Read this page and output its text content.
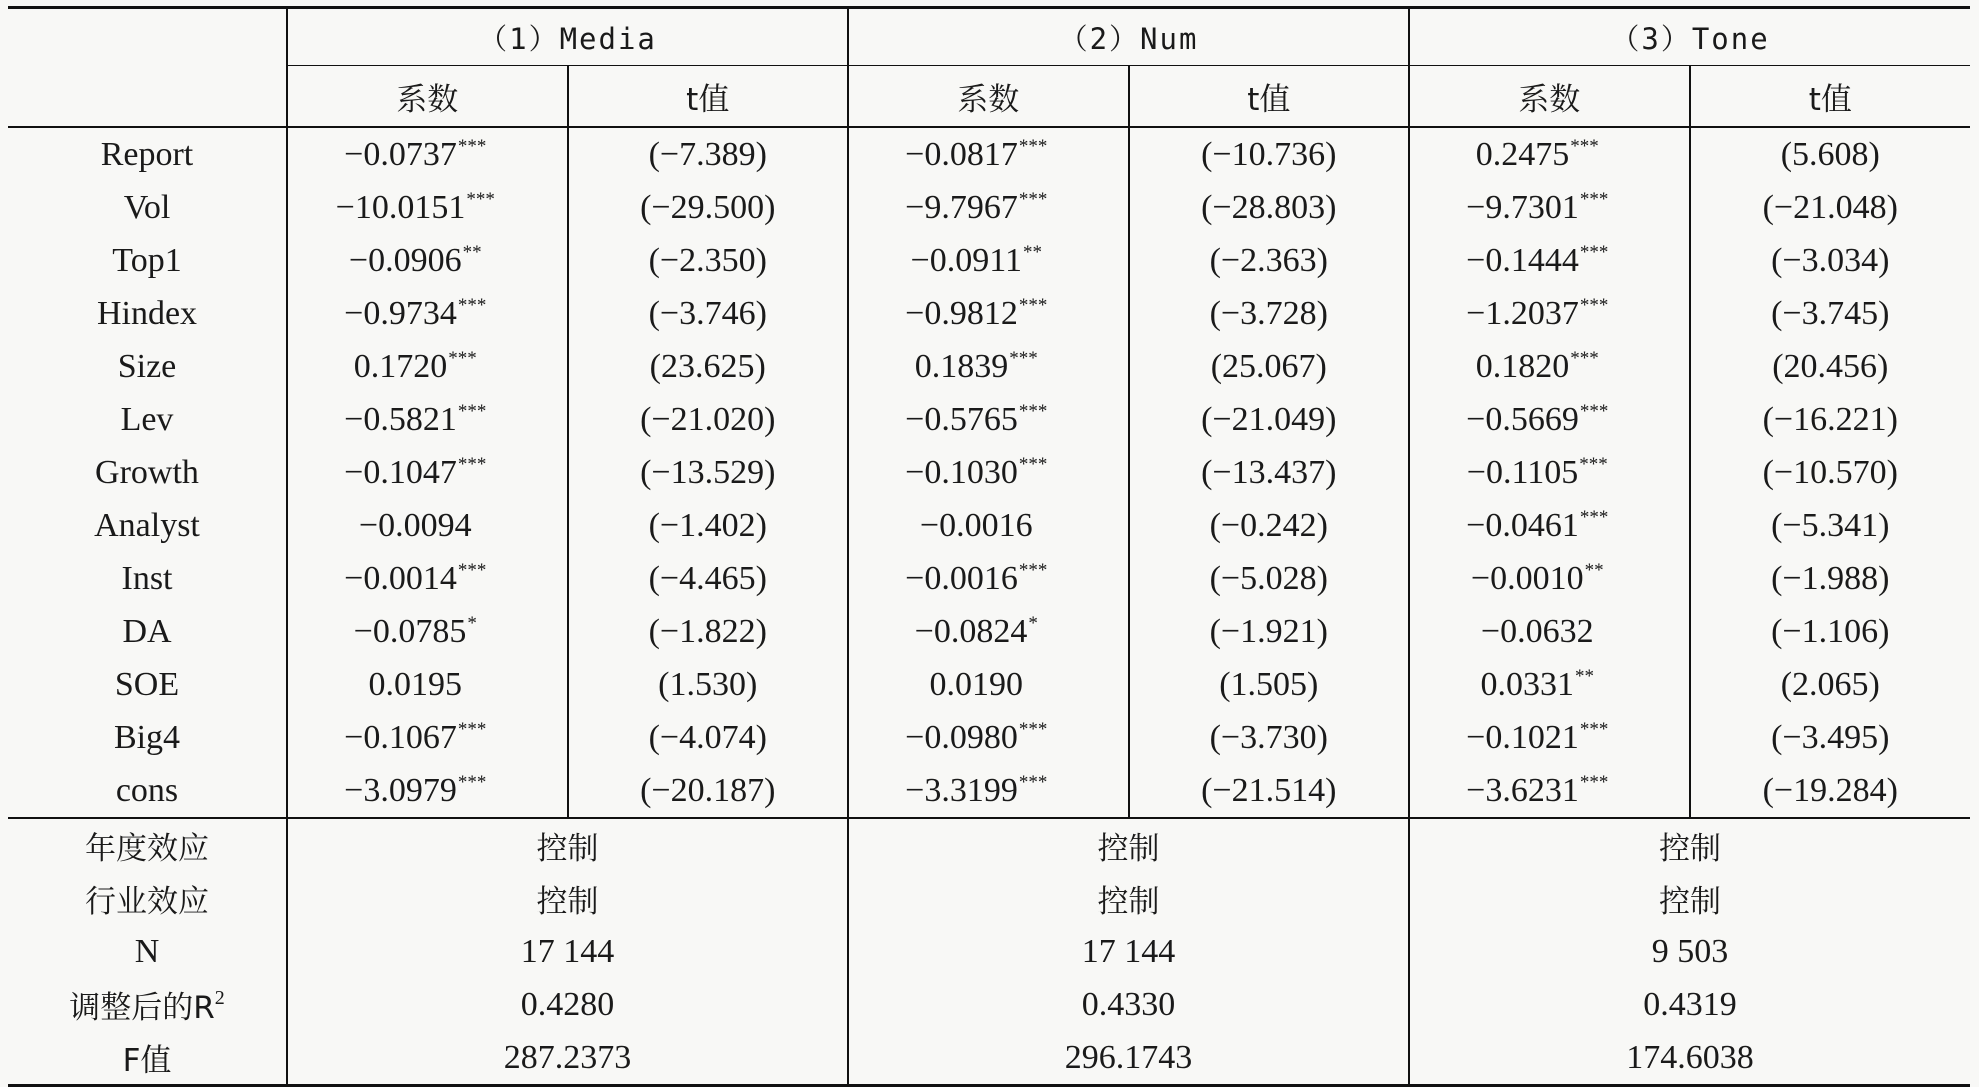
	（1）Media		（2）Num		（3）Tone	
	系数	t值	系数	t值	系数	t值
Report	−0.0737***	(−7.389)	−0.0817***	(−10.736)	0.2475***	(5.608)
Vol	−10.0151***	(−29.500)	−9.7967***	(−28.803)	−9.7301***	(−21.048)
Top1	−0.0906**	(−2.350)	−0.0911**	(−2.363)	−0.1444***	(−3.034)
Hindex	−0.9734***	(−3.746)	−0.9812***	(−3.728)	−1.2037***	(−3.745)
Size	0.1720***	(23.625)	0.1839***	(25.067)	0.1820***	(20.456)
Lev	−0.5821***	(−21.020)	−0.5765***	(−21.049)	−0.5669***	(−16.221)
Growth	−0.1047***	(−13.529)	−0.1030***	(−13.437)	−0.1105***	(−10.570)
Analyst	−0.0094	(−1.402)	−0.0016	(−0.242)	−0.0461***	(−5.341)
Inst	−0.0014***	(−4.465)	−0.0016***	(−5.028)	−0.0010**	(−1.988)
DA	−0.0785*	(−1.822)	−0.0824*	(−1.921)	−0.0632	(−1.106)
SOE	0.0195	(1.530)	0.0190	(1.505)	0.0331**	(2.065)
Big4	−0.1067***	(−4.074)	−0.0980***	(−3.730)	−0.1021***	(−3.495)
cons	−3.0979***	(−20.187)	−3.3199***	(−21.514)	−3.6231***	(−19.284)
年度效应	控制		控制		控制	
行业效应	控制		控制		控制	
N	17 144		17 144		9 503	
调整后的$R^2$	0.4280		0.4330		0.4319	
F值	287.2373		296.1743		174.6038	
